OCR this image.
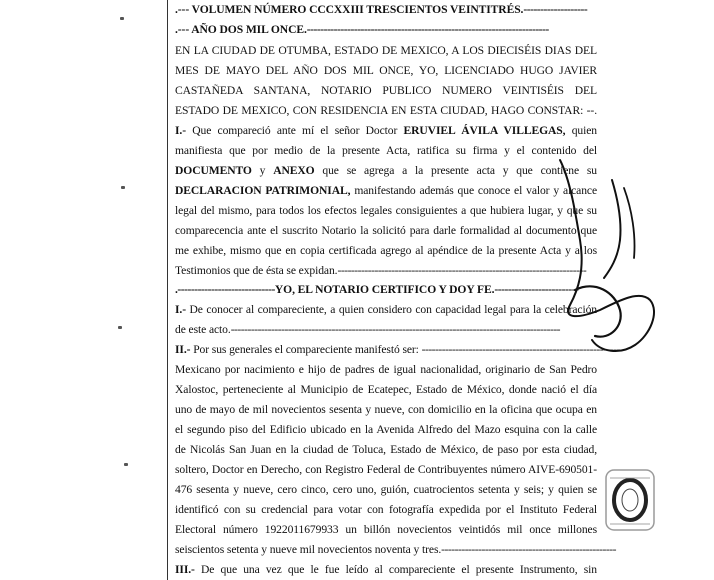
.--- VOLUMEN NÚMERO CCCXXIII TRESCIENTOS VEINTITRÉS.-------------------
.--- AÑO DOS MIL ONCE.------------------------------------------------------------------------
EN LA CIUDAD DE OTUMBA, ESTADO DE MEXICO, A LOS DIECISÉIS DIAS DEL
MES DE MAYO DEL AÑO DOS MIL ONCE, YO, LICENCIADO HUGO JAVIER
CASTAÑEDA SANTANA, NOTARIO PUBLICO NUMERO VEINTISÉIS DEL
ESTADO DE MEXICO, CON RESIDENCIA EN ESTA CIUDAD, HAGO CONSTAR: --.
I.- Que compareció ante mí el señor Doctor ERUVIEL ÁVILA VILLEGAS, quien
manifiesta que por medio de la presente Acta, ratifica su firma y el contenido del
DOCUMENTO y ANEXO que se agrega a la presente acta y que contiene su
DECLARACION PATRIMONIAL, manifestando además que conoce el valor y alcance
legal del mismo, para todos los efectos legales consiguientes a que hubiera lugar, y que su
comparecencia ante el suscrito Notario la solicitó para darle formalidad al documento que
me exhibe, mismo que en copia certificada agrego al apéndice de la presente Acta y a los
Testimonios que de ésta se expidan.--------------------------------------------------------------------------
.-----------------------------YO, EL NOTARIO CERTIFICO Y DOY FE.-------------------------
I.- De conocer al compareciente, a quien considero con capacidad legal para la celebración
de este acto.--------------------------------------------------------------------------------------------------
II.- Por sus generales el compareciente manifestó ser: -----------------------------------------------------------
Mexicano por nacimiento e hijo de padres de igual nacionalidad, originario de San Pedro
Xalostoc, perteneciente al Municipio de Ecatepec, Estado de México, donde nació el día
uno de mayo de mil novecientos sesenta y nueve, con domicilio en la oficina que ocupa en
el segundo piso del Edificio ubicado en la Avenida Alfredo del Mazo esquina con la calle
de Nicolás San Juan en la ciudad de Toluca, Estado de México, de paso por esta ciudad,
soltero, Doctor en Derecho, con Registro Federal de Contribuyentes número AIVE-690501-
476 sesenta y nueve, cero cinco, cero uno, guión, cuatrocientos setenta y seis; y quien se
identificó con su credencial para votar con fotografía expedida por el Instituto Federal
Electoral número 1922011679933 un billón novecientos veintidós mil once millones
seiscientos setenta y nueve mil novecientos noventa y tres.----------------------------------------------------
III.- De que una vez que le fue leído al compareciente el presente Instrumento, sin
